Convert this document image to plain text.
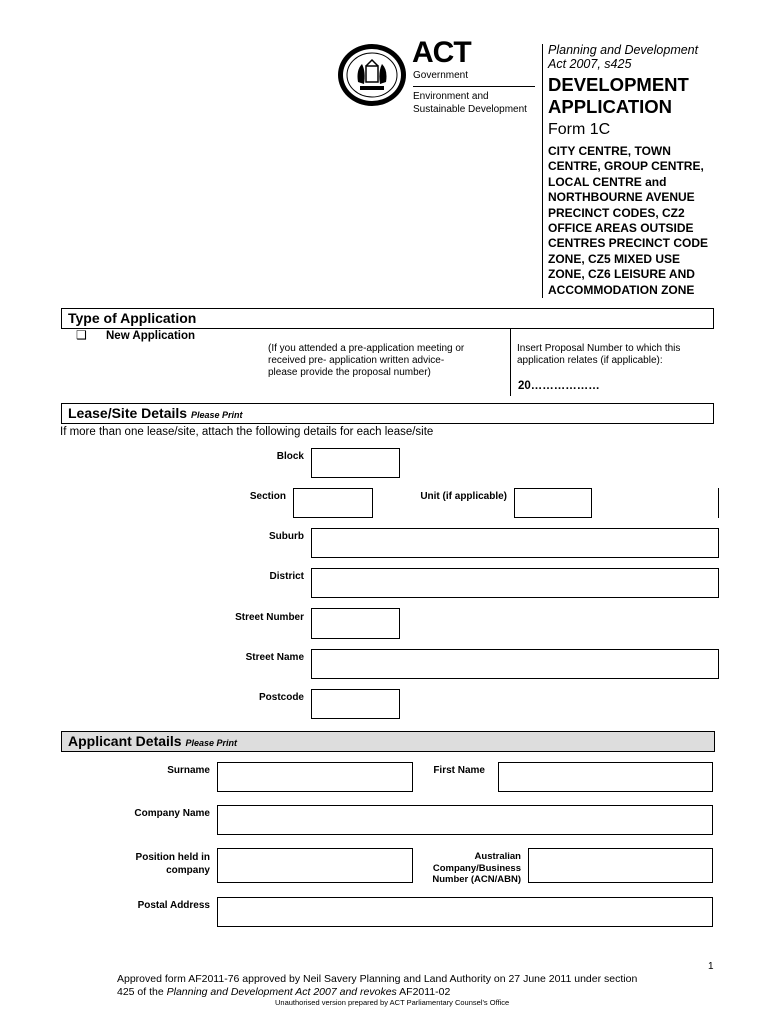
ACT
Government
Environment and
Sustainable Development
Planning and Development
Act 2007, s425
DEVELOPMENT
APPLICATION
Form 1C
CITY CENTRE, TOWN
CENTRE, GROUP CENTRE,
LOCAL CENTRE and
NORTHBOURNE AVENUE
PRECINCT CODES, CZ2
OFFICE AREAS OUTSIDE
CENTRES PRECINCT CODE
ZONE, CZ5 MIXED USE
ZONE, CZ6 LEISURE AND
ACCOMMODATION ZONE
Type of Application
❑ New Application
(If you attended a pre-application meeting or
received pre- application written advice-
please provide the proposal number)
Insert Proposal Number to which this
application relates (if applicable):
20………………
Lease/Site Details Please Print
If more than one lease/site, attach the following details for each lease/site
Block
Section	Unit (if applicable)
Suburb
District
Street Number
Street Name
Postcode
Applicant Details Please Print
Surname	First Name
Company Name
Position held in
company
Australian
Company/Business
Number (ACN/ABN)
Postal Address
1
Approved form AF2011-76 approved by Neil Savery Planning and Land Authority on 27 June 2011 under section
425 of the Planning and Development Act 2007 and revokes AF2011-02
Unauthorised version prepared by ACT Parliamentary Counsel's Office
